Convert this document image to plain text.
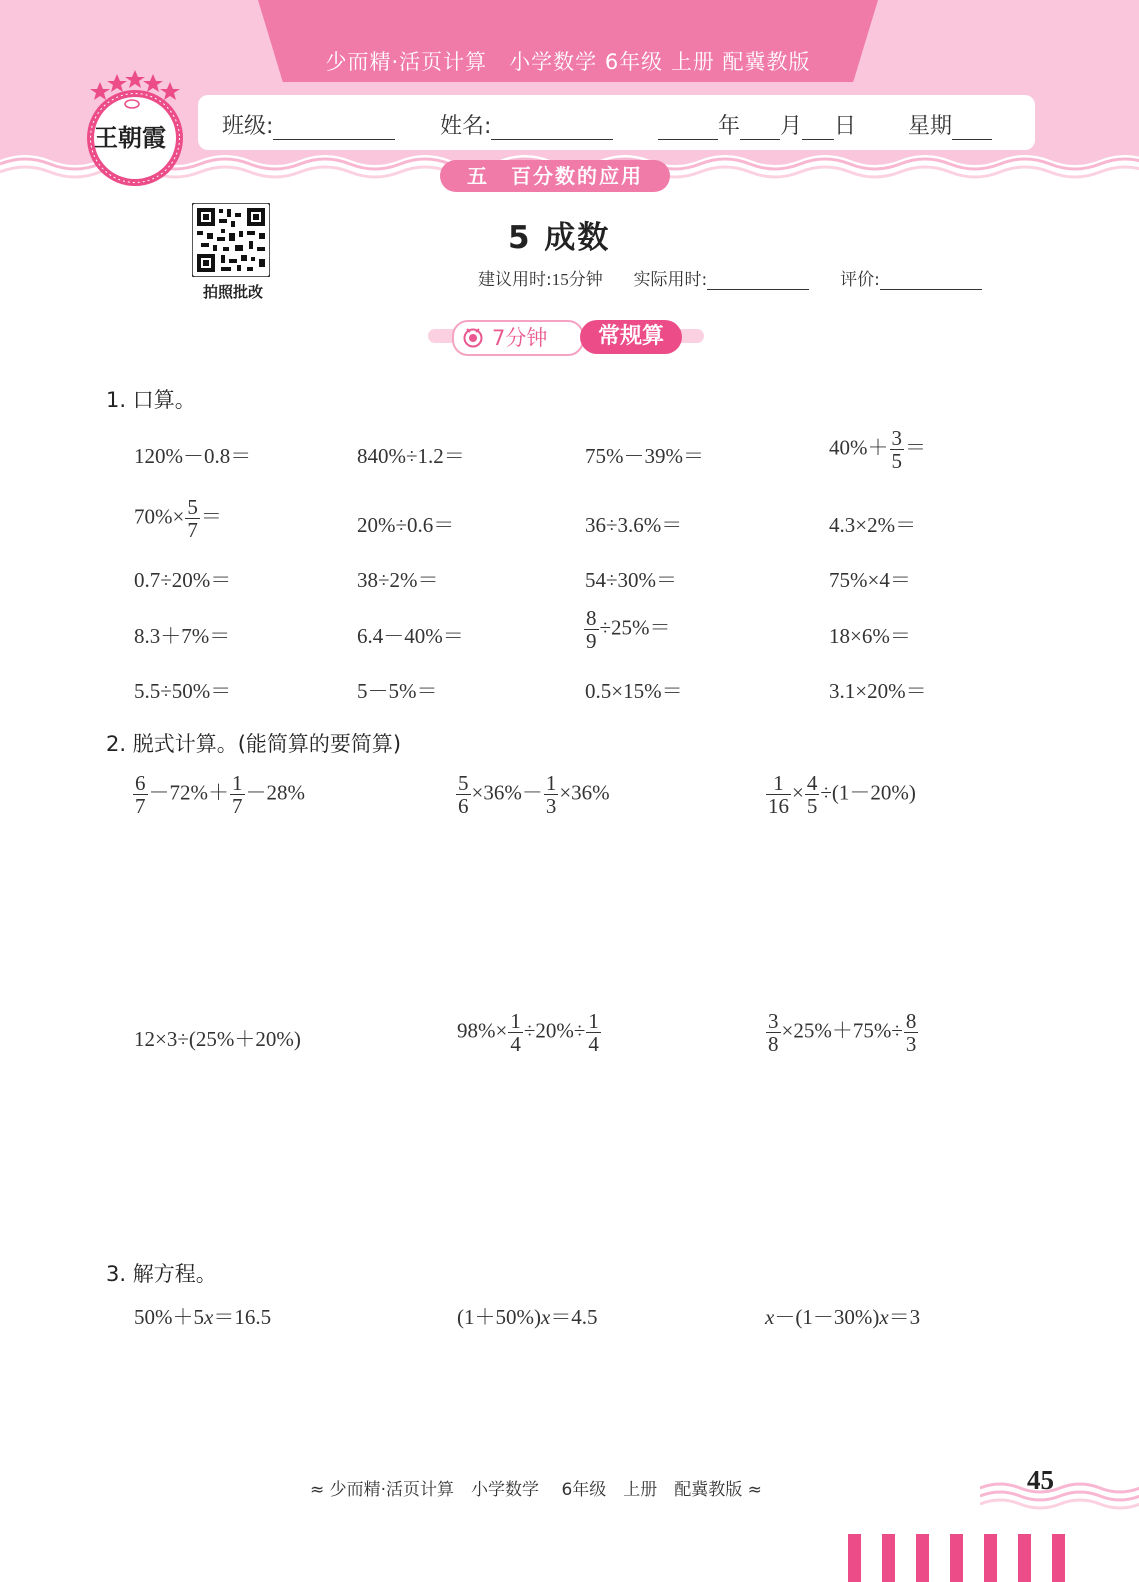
少而精·活页计算　小学数学 6年级 上册 配冀教版
班级:	姓名:	年 月 日 星期
五　百分数的应用
王朝霞
拍照批改
5 成数
建议用时:15分钟 实际用时:	评价:
7分钟	常规算
1. 口算。
120%－0.8＝	840%÷1.2＝	75%－39%＝	$40\%+ \frac{3}{5}$ ＝
$70\%\times \frac{5}{7}$ ＝	20%÷0.6＝	36÷3.6%＝	4.3×2%＝
0.7÷20%＝	38÷2%＝	54÷30%＝	75%×4＝
8.3＋7%＝	6.4－40%＝	$\frac{8}{9} \div 25\%=$	18×6%＝
5.5÷50%＝	5－5%＝	0.5×15%＝	3.1×20%＝
2. 脱式计算。(能简算的要简算)
$\frac{6}{7} -72\%+ \frac{1}{7} -28\%$	$\frac{5}{6} \times 36\%- \frac{1}{3} \times 36\%$	$\frac{1}{16} \times \frac{4}{5} \div(1-20\%)$
12×3÷(25%＋20%)	$98\%\times \frac{1}{4} \div 20\%\div \frac{1}{4}$	$\frac{3}{8} \times 25\%+75\%\div \frac{8}{3}$
3. 解方程。
50%＋5x＝16.5	(1＋50%)x＝4.5	x－(1－30%)x＝3
≈ 少而精·活页计算　小学数学　 6年级　上册　配冀教版 ≈	45
